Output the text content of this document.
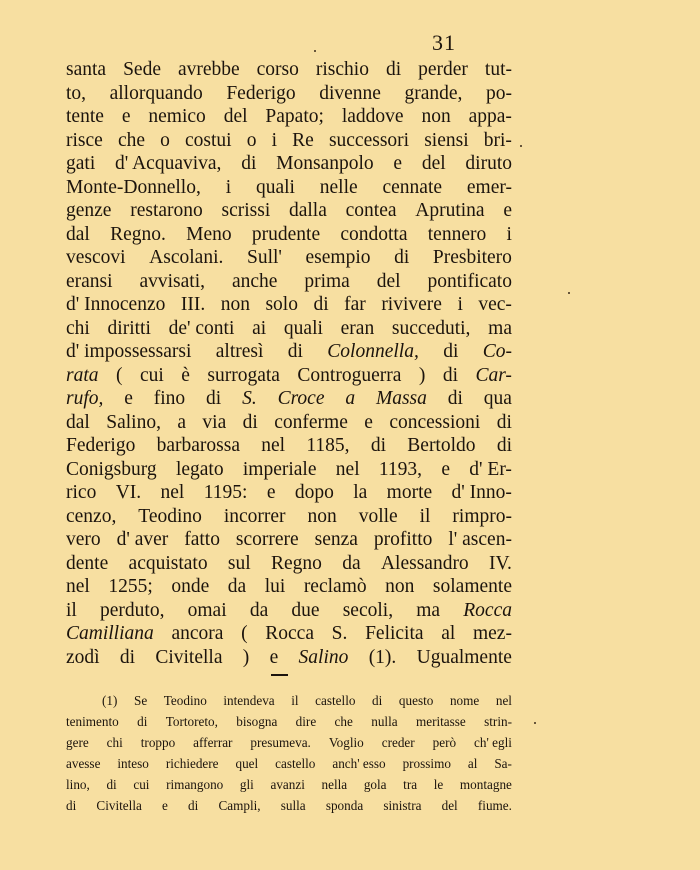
31
santa Sede avrebbe corso rischio di perder tut-
to, allorquando Federigo divenne grande, po-
tente e nemico del Papato; laddove non appa-
risce che o costui o i Re successori siensi bri-
gati d' Acquaviva, di Monsanpolo e del diruto
Monte-Donnello, i quali nelle cennate emer-
genze restarono scrissi dalla contea Aprutina e
dal Regno. Meno prudente condotta tennero i
vescovi Ascolani. Sull' esempio di Presbitero
eransi avvisati, anche prima del pontificato
d' Innocenzo III. non solo di far rivivere i vec-
chi diritti de' conti ai quali eran succeduti, ma
d' impossessarsi altresì di Colonnella, di Co-
rata ( cui è surrogata Controguerra ) di Car-
rufo, e fino di S. Croce a Massa di qua
dal Salino, a via di conferme e concessioni di
Federigo barbarossa nel 1185, di Bertoldo di
Conigsburg legato imperiale nel 1193, e d' Er-
rico VI. nel 1195: e dopo la morte d' Inno-
cenzo, Teodino incorrer non volle il rimpro-
vero d' aver fatto scorrere senza profitto l' ascen-
dente acquistato sul Regno da Alessandro IV.
nel 1255; onde da lui reclamò non solamente
il perduto, omai da due secoli, ma Rocca
Camilliana ancora ( Rocca S. Felicita al mez-
zodì di Civitella ) e Salino (1). Ugualmente
(1) Se Teodino intendeva il castello di questo nome nel
tenimento di Tortoreto, bisogna dire che nulla meritasse strin-
gere chi troppo afferrar presumeva. Voglio creder però ch' egli
avesse inteso richiedere quel castello anch' esso prossimo al Sa-
lino, di cui rimangono gli avanzi nella gola tra le montagne
di Civitella e di Campli, sulla sponda sinistra del fiume.
